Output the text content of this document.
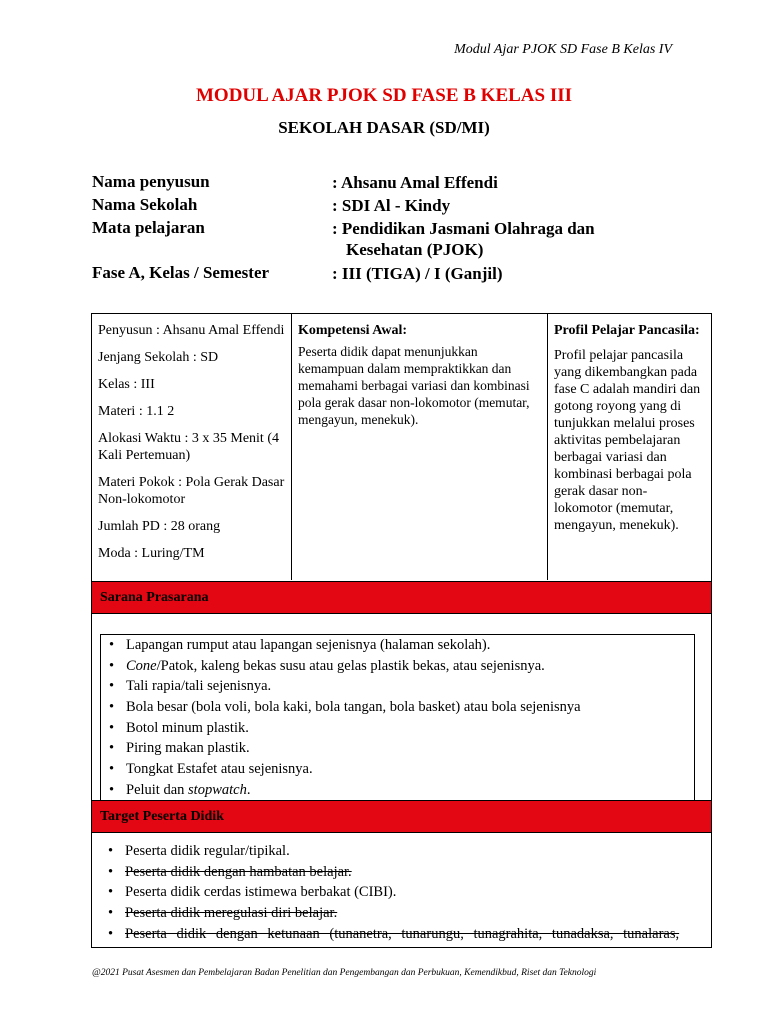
Modul Ajar PJOK SD Fase B Kelas IV
MODUL AJAR PJOK SD FASE B KELAS III
SEKOLAH DASAR (SD/MI)
Nama penyusun	: Ahsanu Amal Effendi
Nama Sekolah	: SDI Al - Kindy
Mata pelajaran	: Pendidikan Jasmani Olahraga dan
Kesehatan (PJOK)
Fase A, Kelas / Semester	: III (TIGA) / I (Ganjil)

Penyusun : Ahsanu Amal Effendi

Jenjang Sekolah : SD

Kelas : III

Materi : 1.1 2

Alokasi Waktu : 3 x 35 Menit (4 Kali Pertemuan)

Materi Pokok : Pola Gerak Dasar Non-lokomotor

Jumlah PD : 28 orang

Moda : Luring/TM

Kompetensi Awal:
Peserta didik dapat menunjukkan kemampuan dalam mempraktikkan dan memahami berbagai variasi dan kombinasi pola gerak dasar non-lokomotor (memutar, mengayun, menekuk).
Profil Pelajar Pancasila:
Profil pelajar pancasila yang dikembangkan pada fase C adalah mandiri dan gotong royong yang di tunjukkan melalui proses aktivitas pembelajaran berbagai variasi dan kombinasi berbagai pola gerak dasar non-lokomotor (memutar, mengayun, menekuk).
Sarana Prasarana
• Lapangan rumput atau lapangan sejenisnya (halaman sekolah).
• Cone/Patok, kaleng bekas susu atau gelas plastik bekas, atau sejenisnya.
• Tali rapia/tali sejenisnya.
• Bola besar (bola voli, bola kaki, bola tangan, bola basket) atau bola sejenisnya
• Botol minum plastik.
• Piring makan plastik.
• Tongkat Estafet atau sejenisnya.
• Peluit dan stopwatch.
Target Peserta Didik
• Peserta didik regular/tipikal.
• Peserta didik dengan hambatan belajar.
• Peserta didik cerdas istimewa berbakat (CIBI).
• Peserta didik meregulasi diri belajar.
• Peserta didik dengan ketunaan (tunanetra, tunarungu, tunagrahita, tunadaksa, tunalaras,
@2021 Pusat Asesmen dan Pembelajaran Badan Penelitian dan Pengembangan dan Perbukuan, Kemendikbud, Riset dan Teknologi
